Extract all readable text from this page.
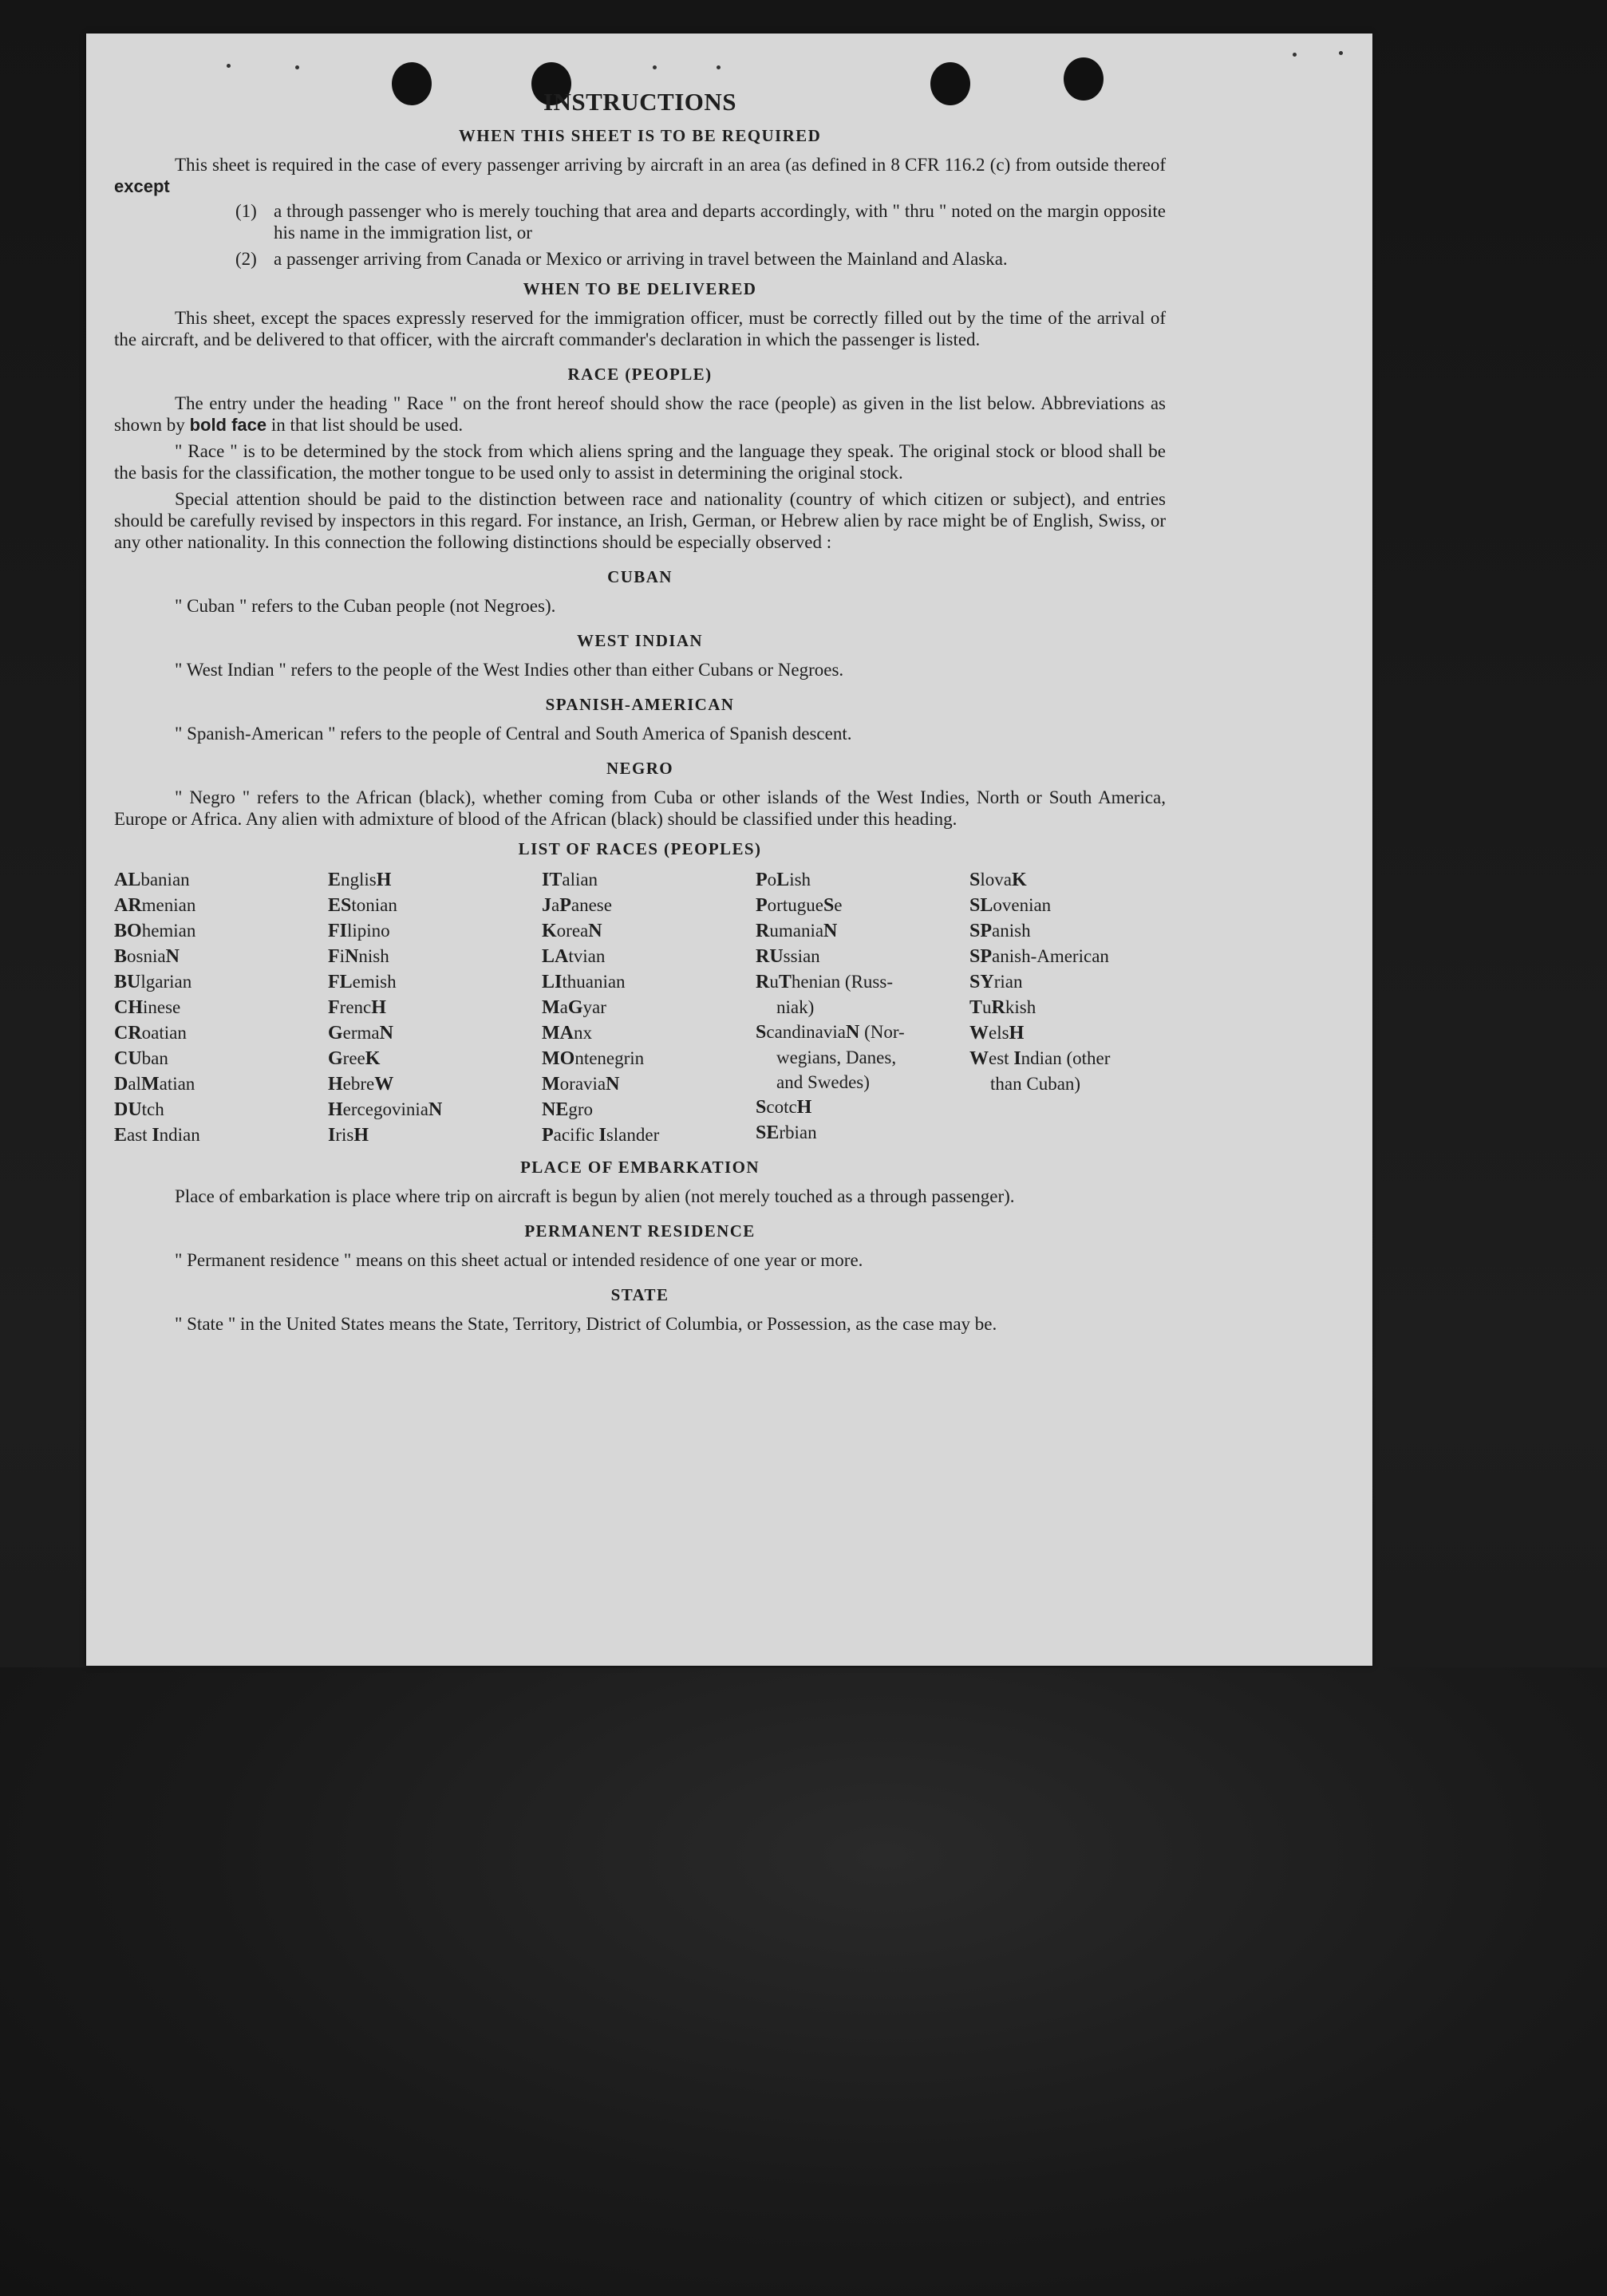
INSTRUCTIONS
WHEN THIS SHEET IS TO BE REQUIRED

This sheet is required in the case of every passenger arriving by aircraft in an area (as defined in 8 CFR 116.2 (c) from outside thereof except

(1) a through passenger who is merely touching that area and departs accordingly, with " thru " noted on the margin opposite his name in the immigration list, or
(2) a passenger arriving from Canada or Mexico or arriving in travel between the Mainland and Alaska.
WHEN TO BE DELIVERED

This sheet, except the spaces expressly reserved for the immigration officer, must be correctly filled out by the time of the arrival of the aircraft, and be delivered to that officer, with the aircraft commander's declaration in which the passenger is listed.

RACE (PEOPLE)

The entry under the heading " Race " on the front hereof should show the race (people) as given in the list below. Abbreviations as shown by bold face in that list should be used.

" Race " is to be determined by the stock from which aliens spring and the language they speak. The original stock or blood shall be the basis for the classification, the mother tongue to be used only to assist in determining the original stock.

Special attention should be paid to the distinction between race and nationality (country of which citizen or subject), and entries should be carefully revised by inspectors in this regard. For instance, an Irish, German, or Hebrew alien by race might be of English, Swiss, or any other nationality. In this connection the following distinctions should be especially observed :

CUBAN

" Cuban " refers to the Cuban people (not Negroes).

WEST INDIAN

" West Indian " refers to the people of the West Indies other than either Cubans or Negroes.

SPANISH-AMERICAN

" Spanish-American " refers to the people of Central and South America of Spanish descent.

NEGRO

" Negro " refers to the African (black), whether coming from Cuba or other islands of the West Indies, North or South America, Europe or Africa. Any alien with admixture of blood of the African (black) should be classified under this heading.

LIST OF RACES (PEOPLES)
ALbanian
ARmenian
BOhemian
BosniaN
BUlgarian
CHinese
CRoatian
CUban
DalMatian
DUtch
East Indian
EnglisH
EStonian
FIlipino
FiNnish
FLemish
FrencH
GermaN
GreeK
HebreW
HercegoviniaN
IrisH
ITalian
JaPanese
KoreaN
LAtvian
LIthuanian
MaGyar
MAnx
MOntenegrin
MoraviaN
NEgro
Pacific Islander
PoLish
PortugueSe
RumaniaN
RUssian
RuThenian (Russ-
niak)
ScandinaviaN (Nor-
wegians, Danes,
and Swedes)
ScotcH
SErbian
SlovaK
SLovenian
SPanish
SPanish-American
SYrian
TuRkish
WelsH
West Indian (other
than Cuban)
PLACE OF EMBARKATION

Place of embarkation is place where trip on aircraft is begun by alien (not merely touched as a through passenger).

PERMANENT RESIDENCE

" Permanent residence " means on this sheet actual or intended residence of one year or more.

STATE

" State " in the United States means the State, Territory, District of Columbia, or Possession, as the case may be.
